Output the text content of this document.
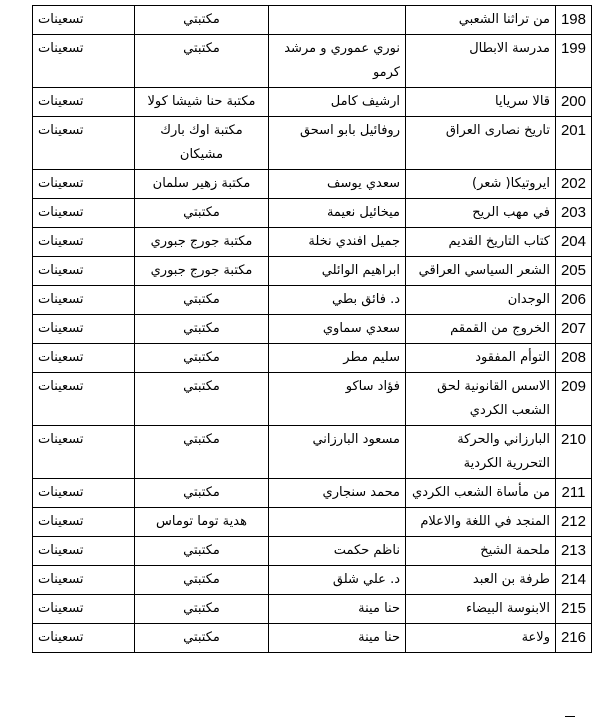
198	من تراثنا الشعبي		مكتبتي	تسعينات
199	مدرسة الابطال	نوري عموري و مرشد كرمو	مكتبتي	تسعينات
200	قالا سريايا	ارشيف كامل	مكتبة حنا شيشا كولا	تسعينات
201	تاريخ نصارى العراق	روفائيل بابو اسحق	مكتبة اوك بارك مشيكان	تسعينات
202	ايروتيكا( شعر)	سعدي يوسف	مكتبة زهير سلمان	تسعينات
203	في مهب الريح	ميخائيل نعيمة	مكتبتي	تسعينات
204	كتاب التاريخ القديم	جميل افندي نخلة	مكتبة جورج جبوري	تسعينات
205	الشعر السياسي العراقي	ابراهيم الوائلي	مكتبة جورج جبوري	تسعينات
206	الوجدان	د. فائق بطي	مكتبتي	تسعينات
207	الخروج من القمقم	سعدي سماوي	مكتبتي	تسعينات
208	التوأم المفقود	سليم مطر	مكتبتي	تسعينات
209	الاسس القانونية لحق الشعب الكردي	فؤاد ساكو	مكتبتي	تسعينات
210	البارزاني والحركة التحررية الكردية	مسعود البارزاني	مكتبتي	تسعينات
211	من مأساة الشعب الكردي	محمد سنجاري	مكتبتي	تسعينات
212	المنجد في اللغة والاعلام		هدية توما توماس	تسعينات
213	ملحمة الشيخ	ناظم حكمت	مكتبتي	تسعينات
214	طرفة بن العبد	د. علي شلق	مكتبتي	تسعينات
215	الابنوسة البيضاء	حنا مينة	مكتبتي	تسعينات
216	ولاعة	حنا مينة	مكتبتي	تسعينات
